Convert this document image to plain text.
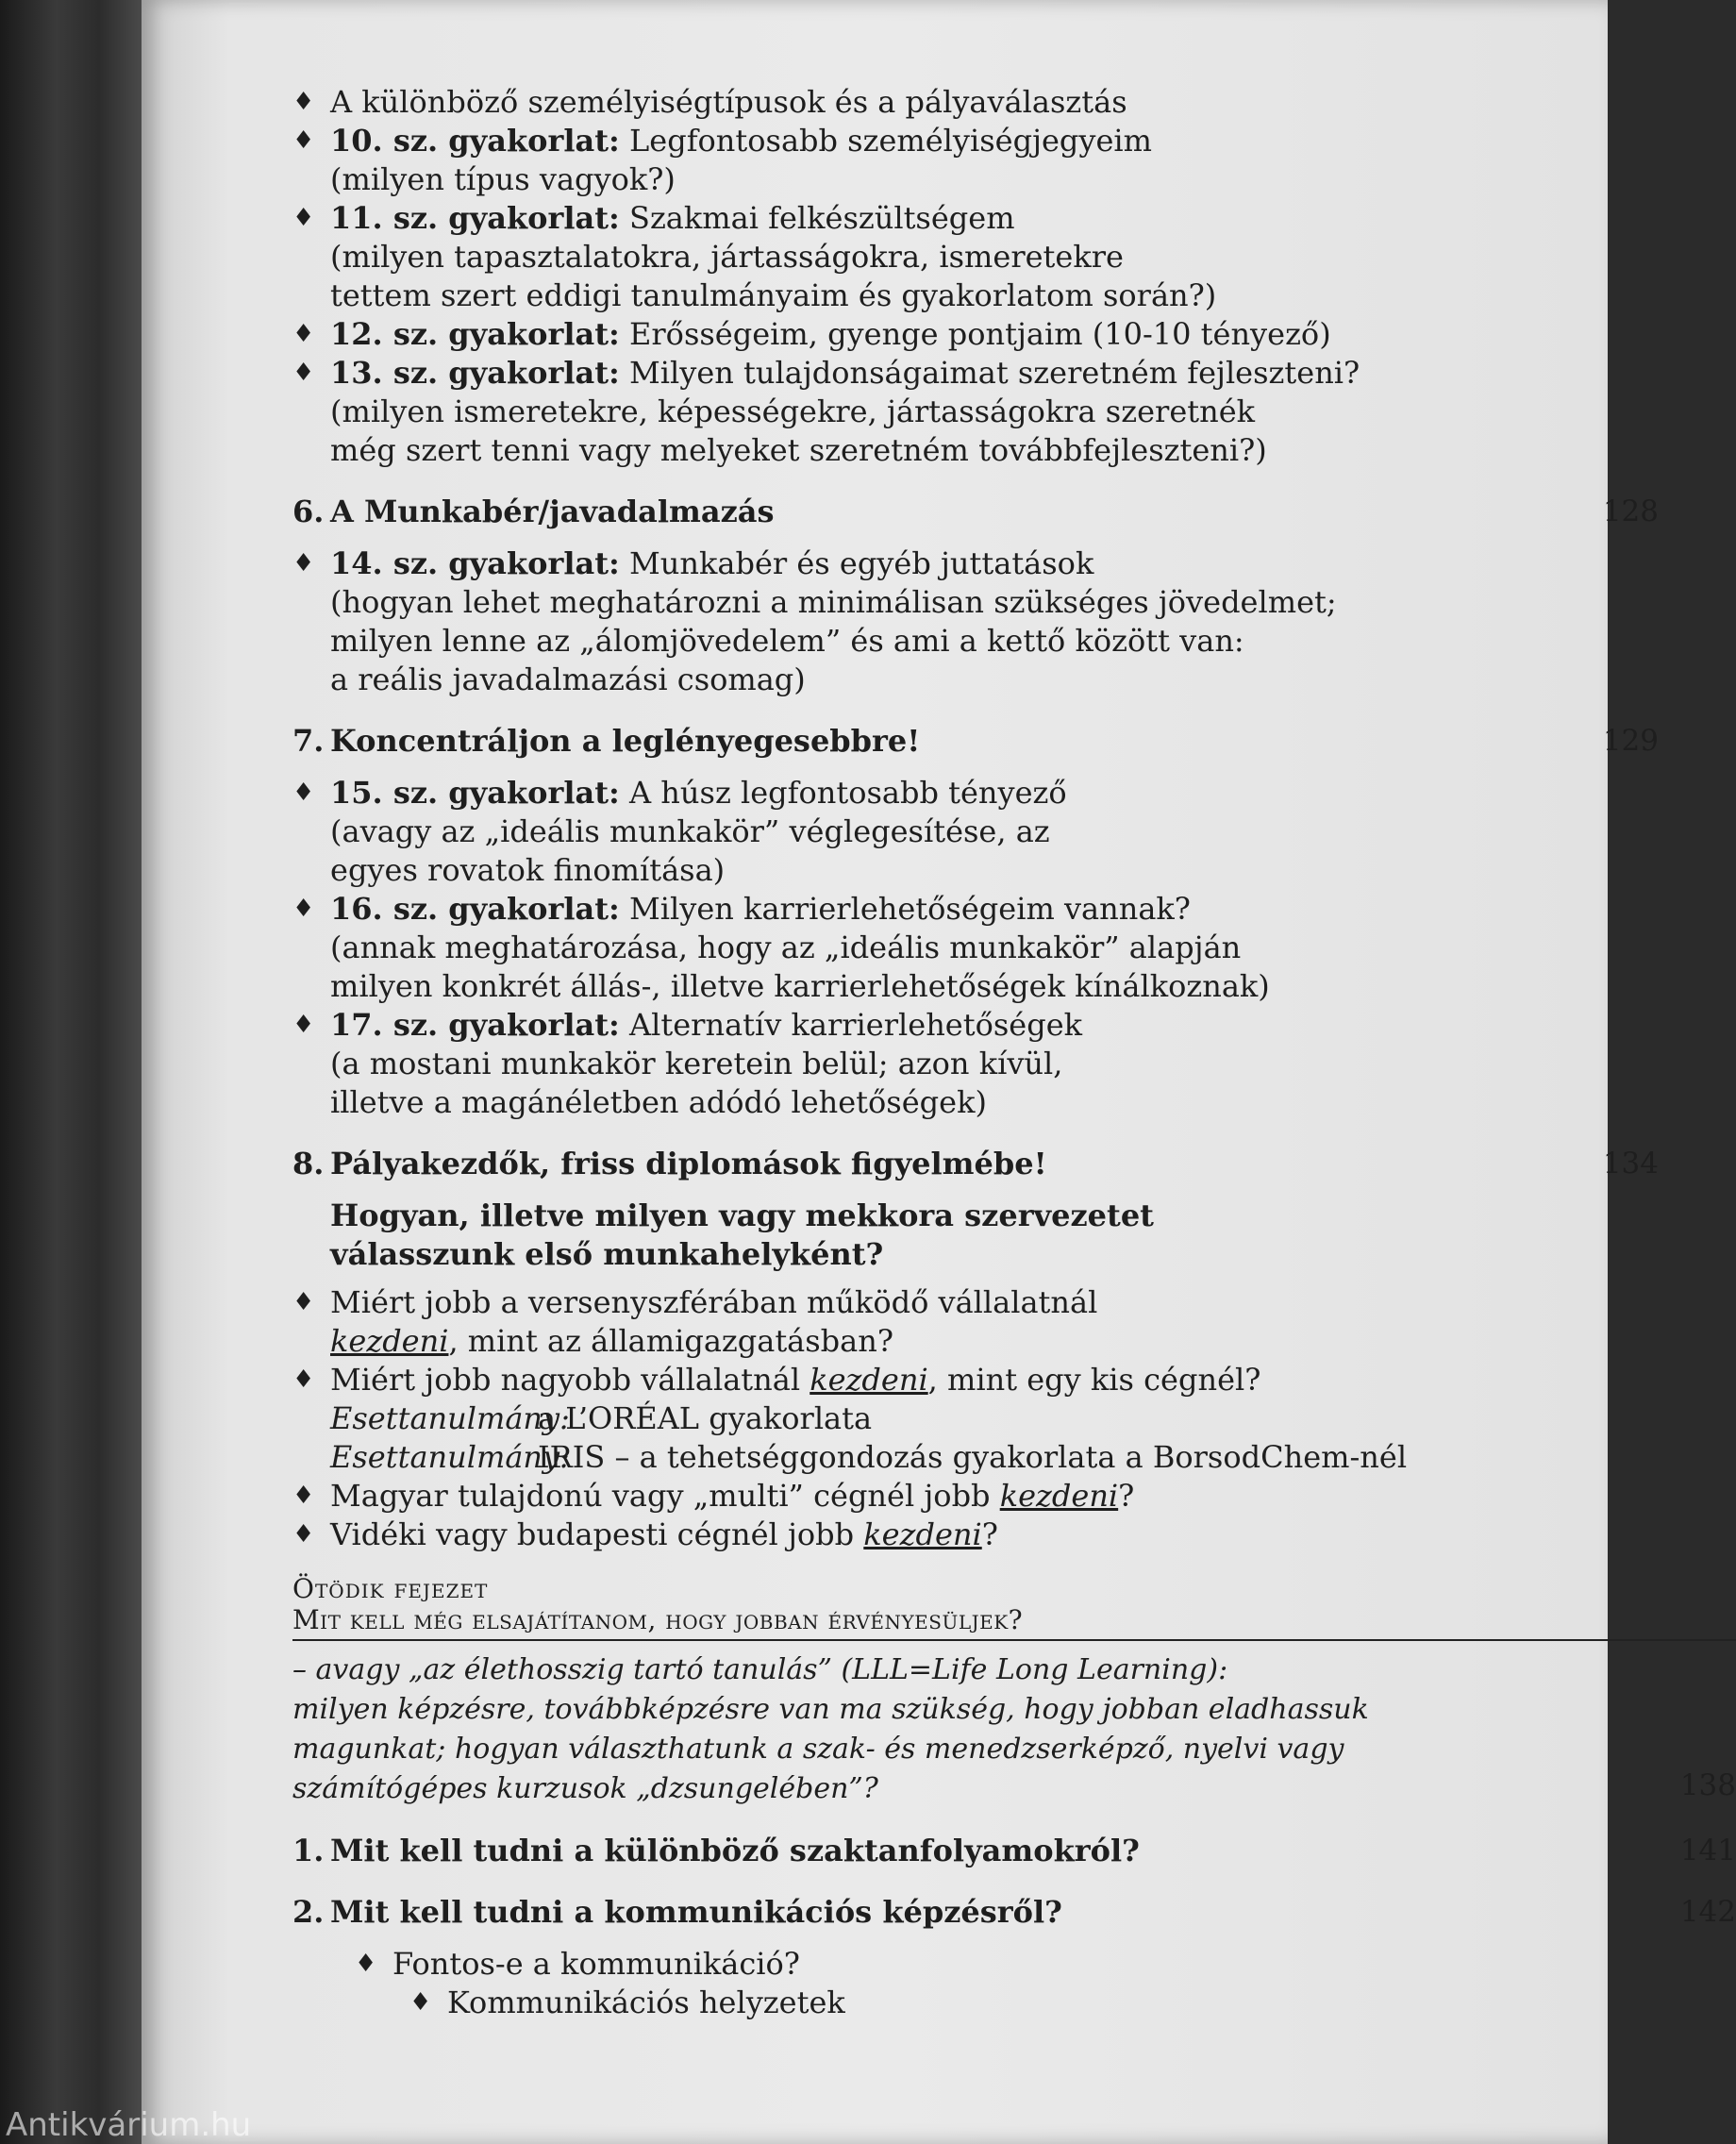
♦ A különböző személyiségtípusok és a pályaválasztás
♦ 10. sz. gyakorlat: Legfontosabb személyiségjegyeim
(milyen típus vagyok?)
♦ 11. sz. gyakorlat: Szakmai felkészültségem
(milyen tapasztalatokra, jártasságokra, ismeretekre
tettem szert eddigi tanulmányaim és gyakorlatom során?)
♦ 12. sz. gyakorlat: Erősségeim, gyenge pontjaim (10-10 tényező)
♦ 13. sz. gyakorlat: Milyen tulajdonságaimat szeretném fejleszteni?
(milyen ismeretekre, képességekre, jártasságokra szeretnék
még szert tenni vagy melyeket szeretném továbbfejleszteni?)
6. A Munkabér/javadalmazás	128
♦ 14. sz. gyakorlat: Munkabér és egyéb juttatások
(hogyan lehet meghatározni a minimálisan szükséges jövedelmet;
milyen lenne az „álomjövedelem” és ami a kettő között van:
a reális javadalmazási csomag)
7. Koncentráljon a leglényegesebbre!	129
♦ 15. sz. gyakorlat: A húsz legfontosabb tényező
(avagy az „ideális munkakör” véglegesítése, az
egyes rovatok finomítása)
♦ 16. sz. gyakorlat: Milyen karrierlehetőségeim vannak?
(annak meghatározása, hogy az „ideális munkakör” alapján
milyen konkrét állás-, illetve karrierlehetőségek kínálkoznak)
♦ 17. sz. gyakorlat: Alternatív karrierlehetőségek
(a mostani munkakör keretein belül; azon kívül,
illetve a magánéletben adódó lehetőségek)
8. Pályakezdők, friss diplomások figyelmébe!	134
Hogyan, illetve milyen vagy mekkora szervezetet
válasszunk első munkahelyként?
♦ Miért jobb a versenyszférában működő vállalatnál
kezdeni, mint az államigazgatásban?
♦ Miért jobb nagyobb vállalatnál kezdeni, mint egy kis cégnél?
Esettanulmány:a L’ORÉAL gyakorlata
Esettanulmány:IRIS – a tehetséggondozás gyakorlata a BorsodChem-nél
♦ Magyar tulajdonú vagy „multi” cégnél jobb kezdeni?
♦ Vidéki vagy budapesti cégnél jobb kezdeni?
Ötödik fejezet
Mit kell még elsajátítanom, hogy jobban érvényesüljek?
– avagy „az élethosszig tartó tanulás” (LLL=Life Long Learning):
milyen képzésre, továbbképzésre van ma szükség, hogy jobban eladhassuk
magunkat; hogyan választhatunk a szak- és menedzserképző, nyelvi vagy
számítógépes kurzusok „dzsungelében”?	138
1. Mit kell tudni a különböző szaktanfolyamokról?	141
2. Mit kell tudni a kommunikációs képzésről?	142
♦ Fontos-e a kommunikáció?
♦ Kommunikációs helyzetek
Antikvárium.hu
